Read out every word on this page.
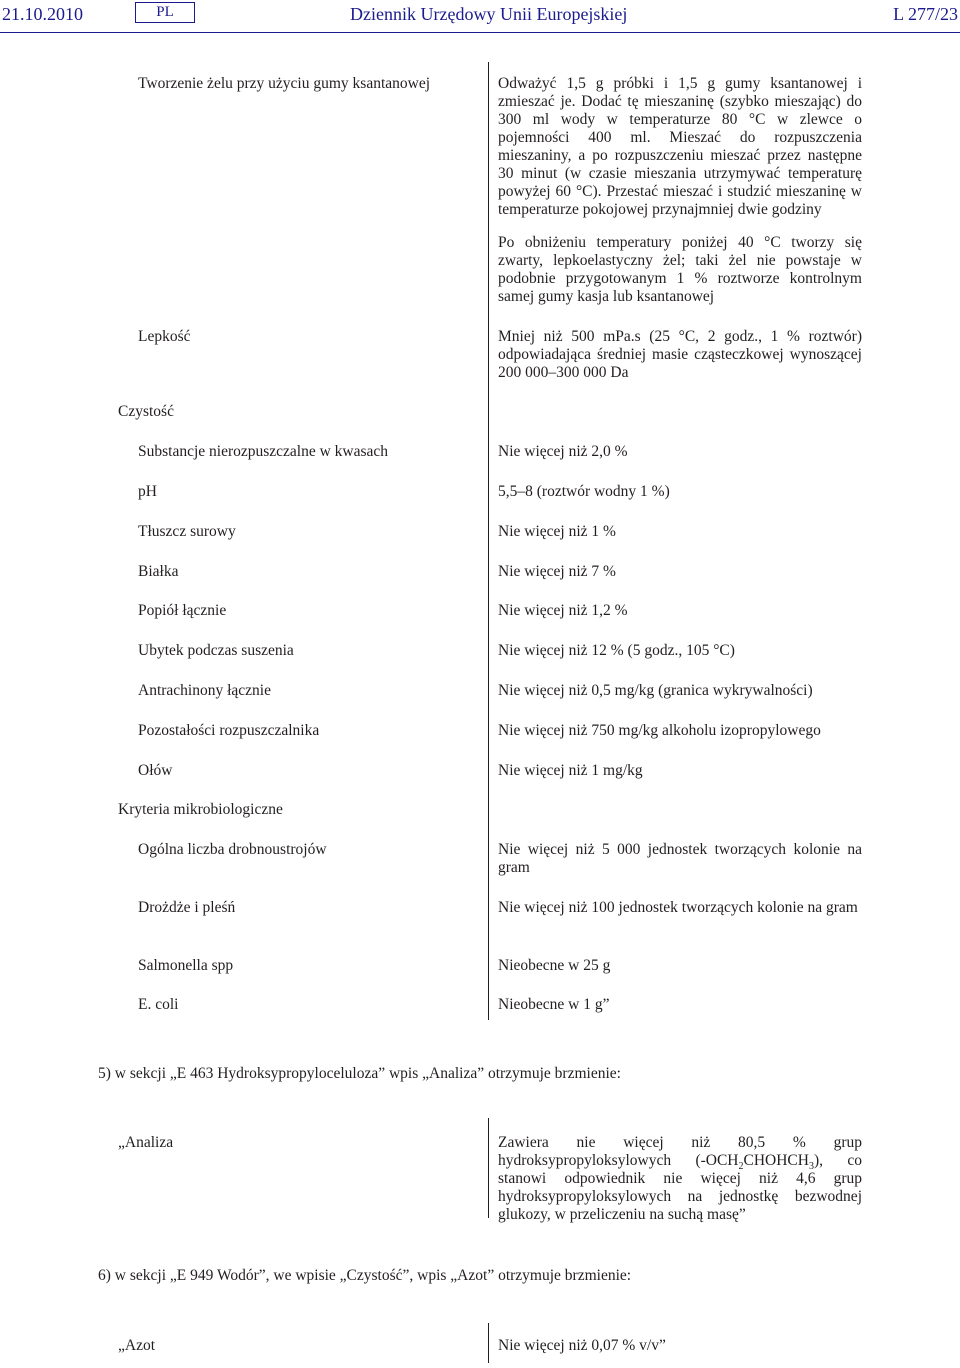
21.10.2010	PL	Dziennik Urzędowy Unii Europejskiej	L 277/23
Tworzenie żelu przy użyciu gumy ksantanowej	Odważyć 1,5 g próbki i 1,5 g gumy ksantanowej i zmieszać je. Dodać tę mieszaninę (szybko mieszając) do 300 ml wody w temperaturze 80 °C w zlewce o pojemności 400 ml. Mieszać do rozpuszczenia mieszaniny, a po rozpuszczeniu mieszać przez następne 30 minut (w czasie mieszania utrzymywać temperaturę powyżej 60 °C). Przestać mieszać i studzić mieszaninę w temperaturze pokojowej przynajmniej dwie godziny
Po obniżeniu temperatury poniżej 40 °C tworzy się zwarty, lepkoelastyczny żel; taki żel nie powstaje w podobnie przygotowanym 1 % roztworze kontrolnym samej gumy kasja lub ksantanowej
Lepkość	Mniej niż 500 mPa.s (25 °C, 2 godz., 1 % roztwór) odpowiadająca średniej masie cząsteczkowej wynoszącej 200 000–300 000 Da
Czystość
Substancje nierozpuszczalne w kwasach	Nie więcej niż 2,0 %
pH	5,5–8 (roztwór wodny 1 %)
Tłuszcz surowy	Nie więcej niż 1 %
Białka	Nie więcej niż 7 %
Popiół łącznie	Nie więcej niż 1,2 %
Ubytek podczas suszenia	Nie więcej niż 12 % (5 godz., 105 °C)
Antrachinony łącznie	Nie więcej niż 0,5 mg/kg (granica wykrywalności)
Pozostałości rozpuszczalnika	Nie więcej niż 750 mg/kg alkoholu izopropylowego
Ołów	Nie więcej niż 1 mg/kg
Kryteria mikrobiologiczne
Ogólna liczba drobnoustrojów	Nie więcej niż 5 000 jednostek tworzących kolonie na gram
Drożdże i pleśń	Nie więcej niż 100 jednostek tworzących kolonie na gram
Salmonella spp	Nieobecne w 25 g
E. coli	Nieobecne w 1 g”
5) w sekcji „E 463 Hydroksypropyloceluloza” wpis „Analiza” otrzymuje brzmienie:
„Analiza	Zawiera nie więcej niż 80,5 % grup hydroksypropyloksylowych $(-OCH_2CHOHCH_3)$, co stanowi odpowiednik nie więcej niż 4,6 grup hydroksypropyloksylowych na jednostkę bezwodnej glukozy, w przeliczeniu na suchą masę”
6) w sekcji „E 949 Wodór”, we wpisie „Czystość”, wpis „Azot” otrzymuje brzmienie:
„Azot	Nie więcej niż 0,07 % v/v”
